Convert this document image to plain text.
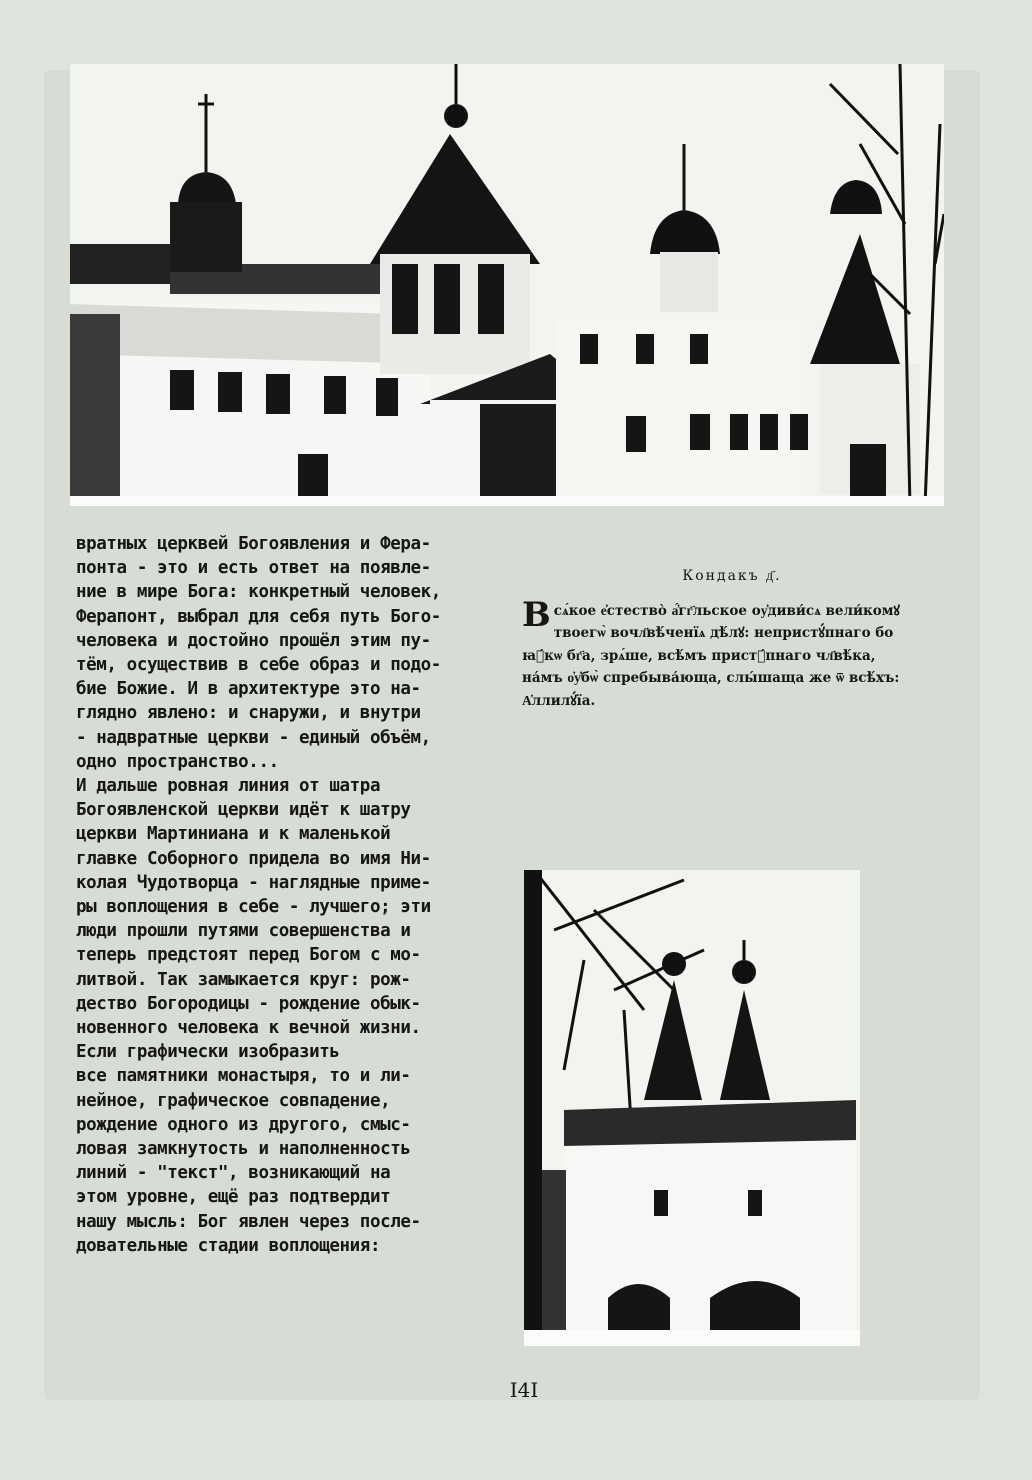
вратных церквей Богоявления и Фера-
понта - это и есть ответ на появле-
ние в мире Бога: конкретный человек,
Ферапонт, выбрал для себя путь Бого-
человека и достойно прошёл этим пу-
тём, осуществив в себе образ и подо-
бие Божие. И в архитектуре это на-
глядно явлено: и снаружи, и внутри
- надвратные церкви - единый объём,
одно пространство...

И дальше ровная линия от шатра
Богоявленской церкви идёт к шатру
церкви Мартиниана и к маленькой
главке Соборного придела во имя Ни-
колая Чудотворца - наглядные приме-
ры воплощения в себе - лучшего; эти
люди прошли путями совершенства и
теперь предстоят перед Богом с мо-
литвой. Так замыкается круг: рож-
дество Богородицы - рождение обык-
новенного человека к вечной жизни.

Если графически изобразить
все памятники монастыря, то и ли-
нейное, графическое совпадение,
рождение одного из другого, смыс-
ловая замкнутость и наполненность
линий - "текст", возникающий на
этом уровне, ещё раз подтвердит
нашу мысль: Бог явлен через после-
довательные стадии воплощения:

Кондакъ д҃.
В сѧ́кое е҆стество̀ а҆́гг҃льское оу҆диви́сѧ вели́комꙋ
твоегѡ̀ вочл҃вѣ́ченїѧ дѣ́лꙋ: непристꙋ́пнаго бо
ꙗ҆́кѡ бг҃а, зрѧ́ше, всѣ́мъ пристꙋ́пнаго чл҃вѣ́ка,
на́мъ о҆у҆бѡ̀ спребыва́юща, слы́шаща же ѿ всѣ́хъ:
А҆ллилꙋ́їа.

I4I
